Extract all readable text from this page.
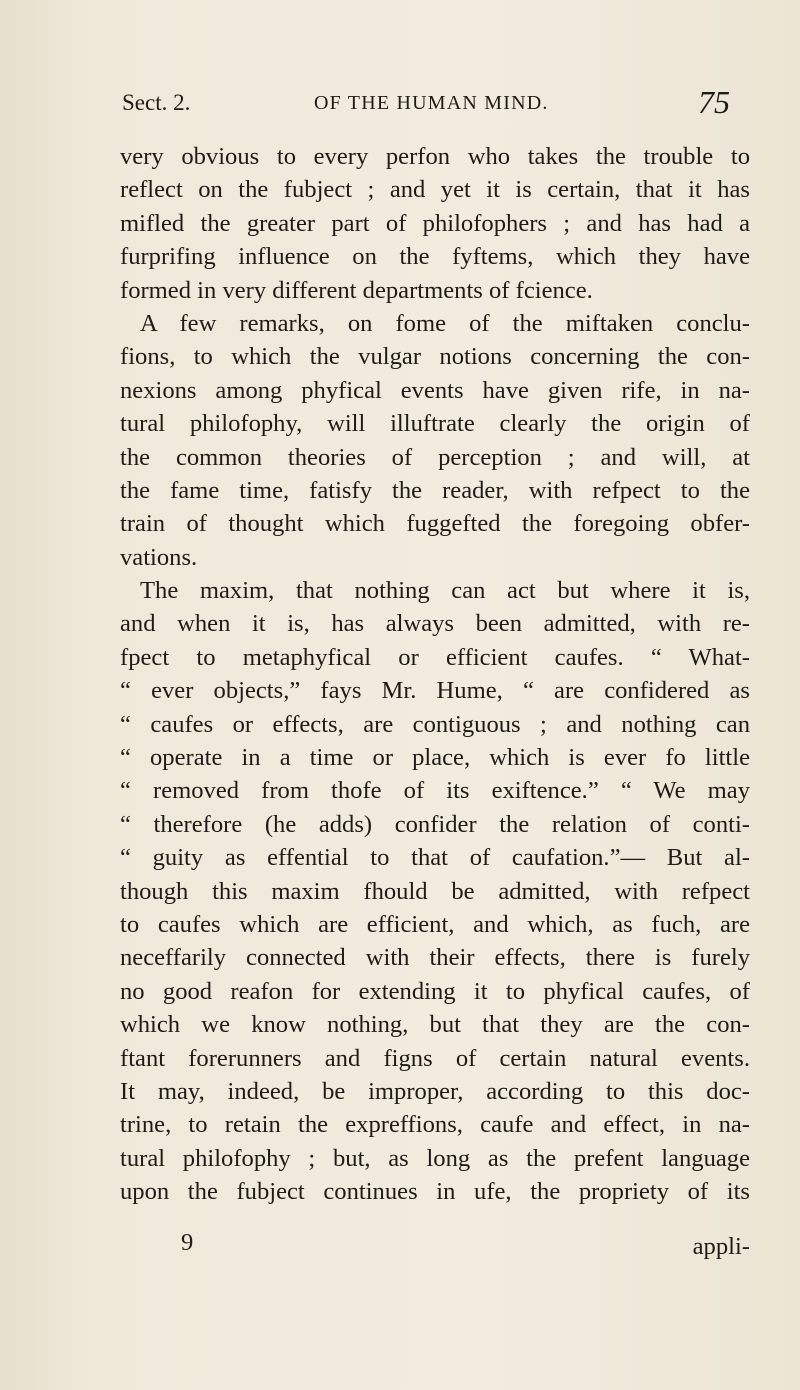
Sect. 2.	OF THE HUMAN MIND.	75
very obvious to every perfon who takes the trouble to
reflect on the fubject ; and yet it is certain, that it has
mifled the greater part of philofophers ; and has had a
furprifing influence on the fyftems, which they have
formed in very different departments of fcience.
A few remarks, on fome of the miftaken conclu-
fions, to which the vulgar notions concerning the con-
nexions among phyfical events have given rife, in na-
tural philofophy, will illuftrate clearly the origin of
the common theories of perception ; and will, at
the fame time, fatisfy the reader, with refpect to the
train of thought which fuggefted the foregoing obfer-
vations.
The maxim, that nothing can act but where it is,
and when it is, has always been admitted, with re-
fpect to metaphyfical or efficient caufes. “ What-
“ ever objects,” fays Mr. Hume, “ are confidered as
“ caufes or effects, are contiguous ; and nothing can
“ operate in a time or place, which is ever fo little
“ removed from thofe of its exiftence.” “ We may
“ therefore (he adds) confider the relation of conti-
“ guity as effential to that of caufation.”— But al-
though this maxim fhould be admitted, with refpect
to caufes which are efficient, and which, as fuch, are
neceffarily connected with their effects, there is furely
no good reafon for extending it to phyfical caufes, of
which we know nothing, but that they are the con-
ftant forerunners and figns of certain natural events.
It may, indeed, be improper, according to this doc-
trine, to retain the expreffions, caufe and effect, in na-
tural philofophy ; but, as long as the prefent language
upon the fubject continues in ufe, the propriety of its
9	appli-
